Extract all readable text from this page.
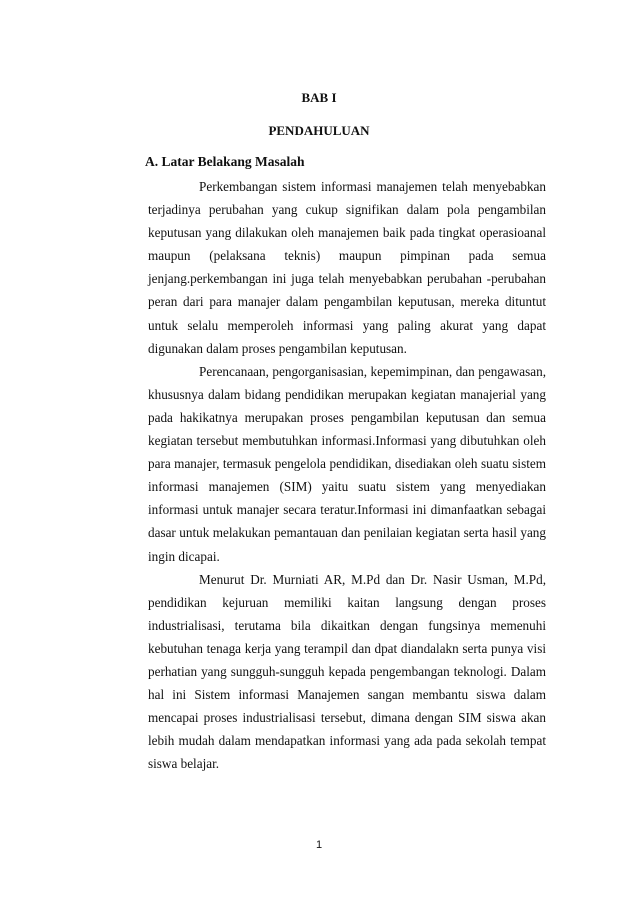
BAB I
PENDAHULUAN
A. Latar Belakang Masalah

Perkembangan sistem informasi manajemen telah menyebabkan terjadinya perubahan yang cukup signifikan dalam pola pengambilan keputusan yang dilakukan oleh manajemen baik pada tingkat operasioanal maupun (pelaksana teknis) maupun pimpinan pada semua jenjang.perkembangan ini juga telah menyebabkan perubahan -perubahan peran dari para manajer dalam pengambilan keputusan, mereka dituntut untuk selalu memperoleh informasi yang paling akurat yang dapat digunakan dalam proses pengambilan keputusan.

Perencanaan, pengorganisasian, kepemimpinan, dan pengawasan, khususnya dalam bidang pendidikan merupakan kegiatan manajerial yang pada hakikatnya merupakan proses pengambilan keputusan dan semua kegiatan tersebut membutuhkan informasi.Informasi yang dibutuhkan oleh para manajer, termasuk pengelola pendidikan, disediakan oleh suatu sistem informasi manajemen (SIM) yaitu suatu sistem yang menyediakan informasi untuk manajer secara teratur.Informasi ini dimanfaatkan sebagai dasar untuk melakukan pemantauan dan penilaian kegiatan serta hasil yang ingin dicapai.

Menurut Dr. Murniati AR, M.Pd dan Dr. Nasir Usman, M.Pd, pendidikan kejuruan memiliki kaitan langsung dengan proses industrialisasi, terutama bila dikaitkan dengan fungsinya memenuhi kebutuhan tenaga kerja yang terampil dan dpat diandalakn serta punya visi perhatian yang sungguh-sungguh kepada pengembangan teknologi. Dalam hal ini Sistem informasi Manajemen sangan membantu siswa dalam mencapai proses industrialisasi tersebut, dimana dengan SIM siswa akan lebih mudah dalam mendapatkan informasi yang ada pada sekolah tempat siswa belajar.

1
